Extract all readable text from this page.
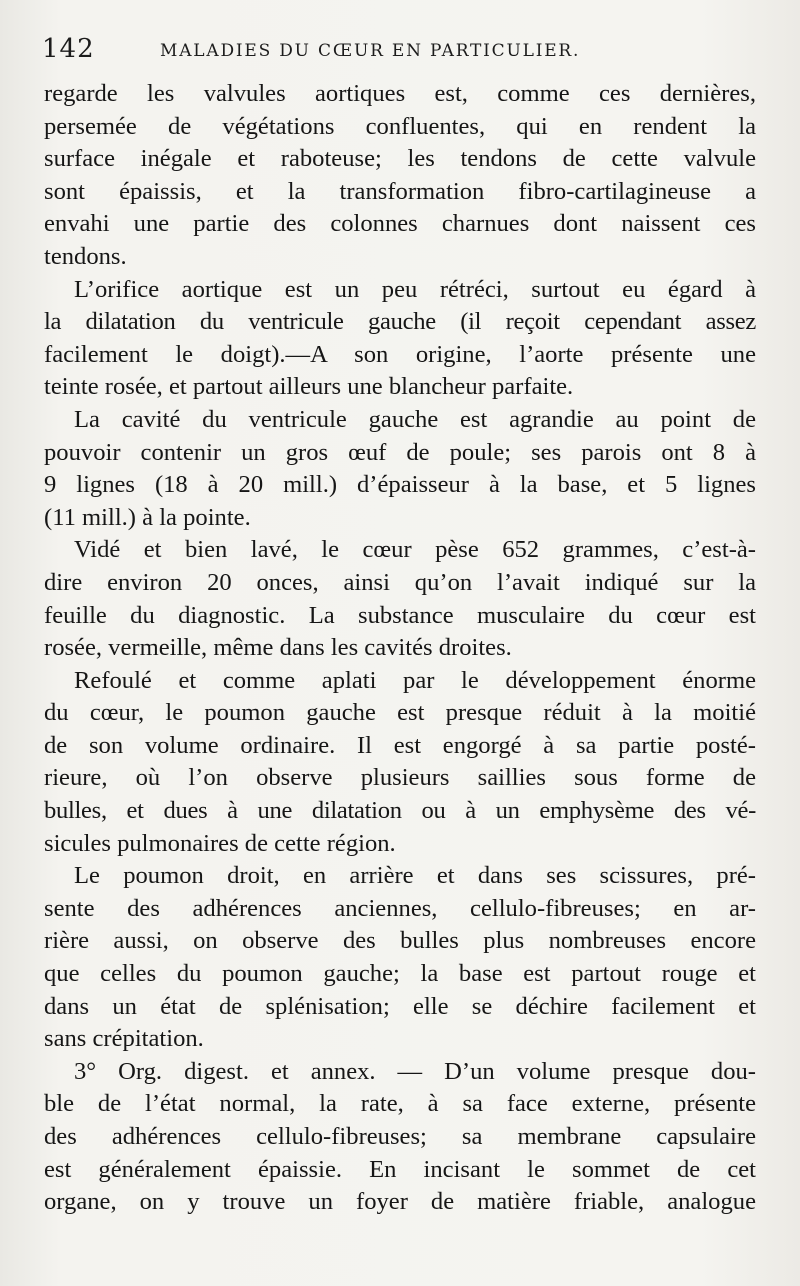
142	MALADIES DU CŒUR EN PARTICULIER.
regarde les valvules aortiques est, comme ces dernières,
persemée de végétations confluentes, qui en rendent la
surface inégale et raboteuse; les tendons de cette valvule
sont épaissis, et la transformation fibro-cartilagineuse a
envahi une partie des colonnes charnues dont naissent ces
tendons.
L’orifice aortique est un peu rétréci, surtout eu égard à
la dilatation du ventricule gauche (il reçoit cependant assez
facilement le doigt).—A son origine, l’aorte présente une
teinte rosée, et partout ailleurs une blancheur parfaite.
La cavité du ventricule gauche est agrandie au point de
pouvoir contenir un gros œuf de poule; ses parois ont 8 à
9 lignes (18 à 20 mill.) d’épaisseur à la base, et 5 lignes
(11 mill.) à la pointe.
Vidé et bien lavé, le cœur pèse 652 grammes, c’est-à-
dire environ 20 onces, ainsi qu’on l’avait indiqué sur la
feuille du diagnostic. La substance musculaire du cœur est
rosée, vermeille, même dans les cavités droites.
Refoulé et comme aplati par le développement énorme
du cœur, le poumon gauche est presque réduit à la moitié
de son volume ordinaire. Il est engorgé à sa partie posté-
rieure, où l’on observe plusieurs saillies sous forme de
bulles, et dues à une dilatation ou à un emphysème des vé-
sicules pulmonaires de cette région.
Le poumon droit, en arrière et dans ses scissures, pré-
sente des adhérences anciennes, cellulo-fibreuses; en ar-
rière aussi, on observe des bulles plus nombreuses encore
que celles du poumon gauche; la base est partout rouge et
dans un état de splénisation; elle se déchire facilement et
sans crépitation.
3° Org. digest. et annex. — D’un volume presque dou-
ble de l’état normal, la rate, à sa face externe, présente
des adhérences cellulo-fibreuses; sa membrane capsulaire
est généralement épaissie. En incisant le sommet de cet
organe, on y trouve un foyer de matière friable, analogue
